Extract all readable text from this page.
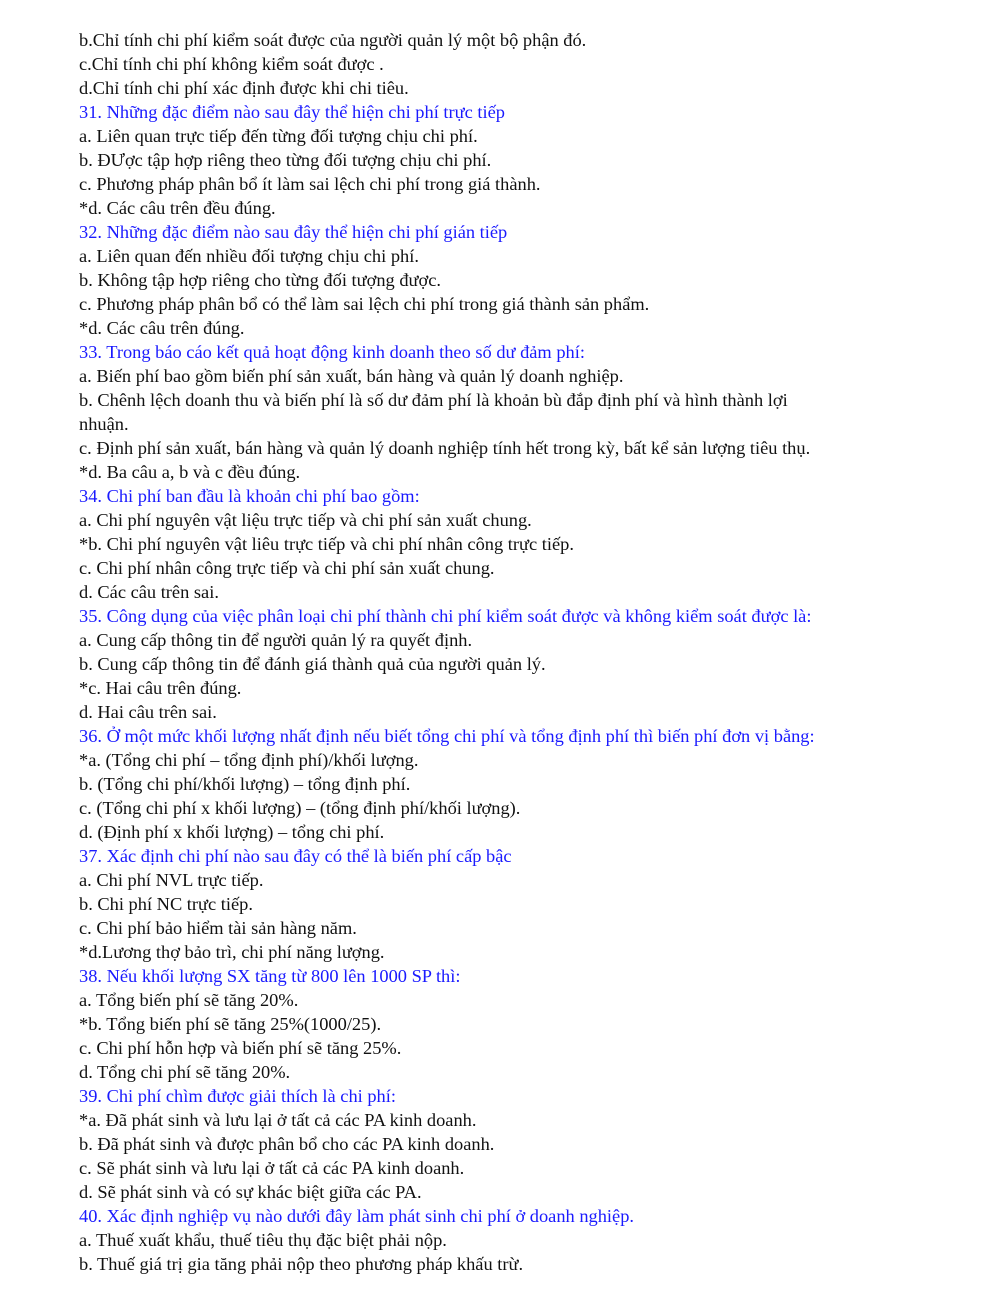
b.Chỉ tính chi phí kiểm soát được của người quản lý một bộ phận đó.

c.Chỉ tính chi phí không kiểm soát được .

d.Chỉ tính chi phí xác định được khi chi tiêu.

31. Những đặc điểm nào sau đây thể hiện chi phí trực tiếp

a. Liên quan trực tiếp đến từng đối tượng chịu chi phí.

b. ĐƯợc tập hợp riêng theo từng đối tượng chịu chi phí.

c. Phương pháp phân bổ ít làm sai lệch chi phí trong giá thành.

*d. Các câu trên đều đúng.

32. Những đặc điểm nào sau đây thể hiện chi phí gián tiếp

a. Liên quan đến nhiều đối tượng chịu chi phí.

b. Không tập hợp riêng cho từng đối tượng được.

c. Phương pháp phân bổ có thể làm sai lệch chi phí trong giá thành sản phẩm.

*d. Các câu trên đúng.

33. Trong báo cáo kết quả hoạt động kinh doanh theo số dư đảm phí:

a. Biến phí bao gồm biến phí sản xuất, bán hàng và quản lý doanh nghiệp.

b. Chênh lệch doanh thu và biến phí là số dư đảm phí là khoản bù đắp định phí và hình thành lợi

nhuận.

c. Định phí sản xuất, bán hàng và quản lý doanh nghiệp tính hết trong kỳ, bất kể sản lượng tiêu thụ.

*d. Ba câu a, b và c đều đúng.

34. Chi phí ban đầu là khoản chi phí bao gồm:

a. Chi phí nguyên vật liệu trực tiếp và chi phí sản xuất chung.

*b. Chi phí nguyên vật liêu trực tiếp và chi phí nhân công trực tiếp.

c. Chi phí nhân công trực tiếp và chi phí sản xuất chung.

d. Các câu trên sai.

35. Công dụng của việc phân loại chi phí thành chi phí kiểm soát được và không kiểm soát được là:

a. Cung cấp thông tin để người quản lý ra quyết định.

b. Cung cấp thông tin để đánh giá thành quả của người quản lý.

*c. Hai câu trên đúng.

d. Hai câu trên sai.

36. Ở một mức khối lượng nhất định nếu biết tổng chi phí và tổng định phí thì biến phí đơn vị bằng:

*a. (Tổng chi phí – tổng định phí)/khối lượng.

b. (Tổng chi phí/khối lượng) – tổng định phí.

c. (Tổng chi phí x khối lượng) – (tổng định phí/khối lượng).

d. (Định phí x khối lượng) – tổng chi phí.

37. Xác định chi phí nào sau đây có thể là biến phí cấp bậc

a. Chi phí NVL trực tiếp.

b. Chi phí NC trực tiếp.

c. Chi phí bảo hiểm tài sản hàng năm.

*d.Lương thợ bảo trì, chi phí năng lượng.

38. Nếu khối lượng SX tăng từ 800 lên 1000 SP thì:

a. Tổng biến phí sẽ tăng 20%.

*b. Tổng biến phí sẽ tăng 25%(1000/25).

c. Chi phí hỗn hợp và biến phí sẽ tăng 25%.

d. Tổng chi phí sẽ tăng 20%.

39. Chi phí chìm được giải thích là chi phí:

*a. Đã phát sinh và lưu lại ở tất cả các PA kinh doanh.

b. Đã phát sinh và được phân bổ cho các PA kinh doanh.

c. Sẽ phát sinh và lưu lại ở tất cả các PA kinh doanh.

d. Sẽ phát sinh và có sự khác biệt giữa các PA.

40. Xác định nghiệp vụ nào dưới đây làm phát sinh chi phí ở doanh nghiệp.

a. Thuế xuất khẩu, thuế tiêu thụ đặc biệt phải nộp.

b. Thuế giá trị gia tăng phải nộp theo phương pháp khấu trừ.
